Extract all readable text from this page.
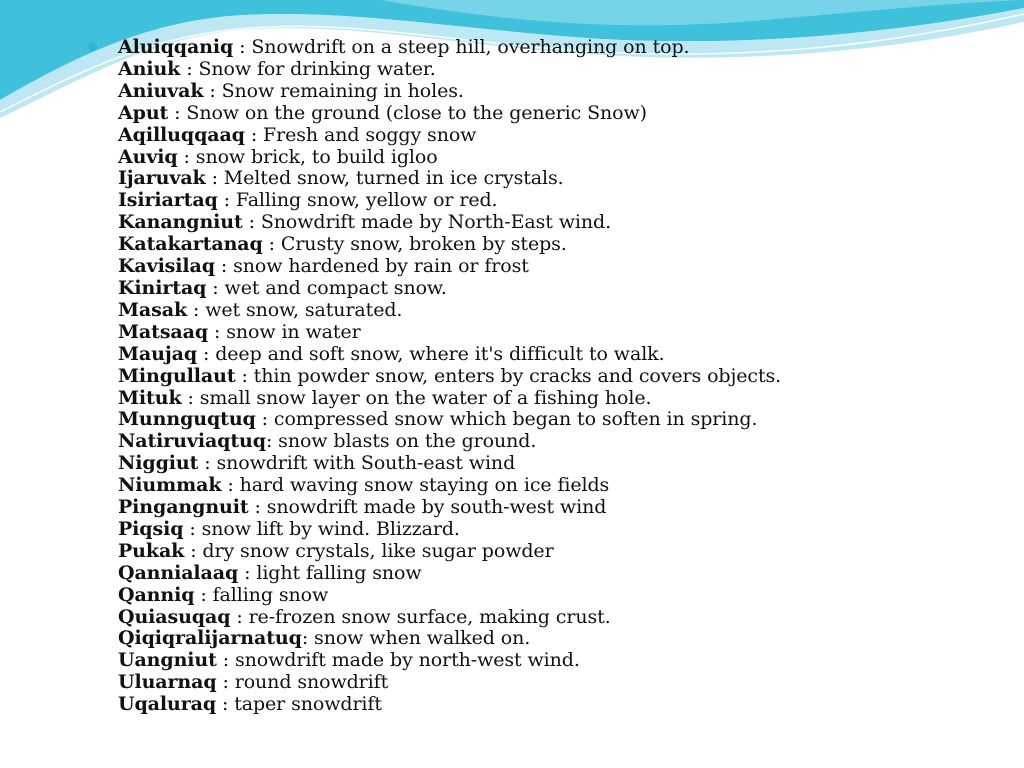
Aluiqqaniq : Snowdrift on a steep hill, overhanging on top.
Aniuk : Snow for drinking water.
Aniuvak : Snow remaining in holes.
Aput : Snow on the ground (close to the generic Snow)
Aqilluqqaaq : Fresh and soggy snow
Auviq : snow brick, to build igloo
Ijaruvak : Melted snow, turned in ice crystals.
Isiriartaq : Falling snow, yellow or red.
Kanangniut : Snowdrift made by North-East wind.
Katakartanaq : Crusty snow, broken by steps.
Kavisilaq : snow hardened by rain or frost
Kinirtaq : wet and compact snow.
Masak : wet snow, saturated.
Matsaaq : snow in water
Maujaq : deep and soft snow, where it's difficult to walk.
Mingullaut : thin powder snow, enters by cracks and covers objects.
Mituk : small snow layer on the water of a fishing hole.
Munnguqtuq : compressed snow which began to soften in spring.
Natiruviaqtuq: snow blasts on the ground.
Niggiut : snowdrift with South-east wind
Niummak : hard waving snow staying on ice fields
Pingangnuit : snowdrift made by south-west wind
Piqsiq : snow lift by wind. Blizzard.
Pukak : dry snow crystals, like sugar powder
Qannialaaq : light falling snow
Qanniq : falling snow
Quiasuqaq : re-frozen snow surface, making crust.
Qiqiqralijarnatuq: snow when walked on.
Uangniut : snowdrift made by north-west wind.
Uluarnaq : round snowdrift
Uqaluraq : taper snowdrift
